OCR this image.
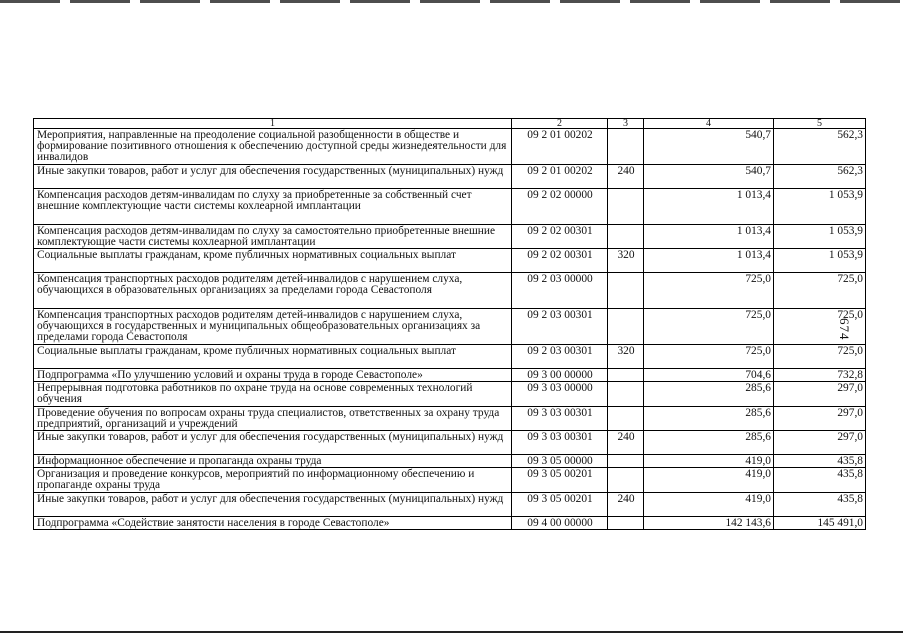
1	2	3	4	5
Мероприятия, направленные на преодоление социальной разобщенности в обществе и формирование позитивного отношения к обеспечению доступной среды жизнедеятельности для инвалидов	09 2 01 00202		540,7	562,3
Иные закупки товаров, работ и услуг для обеспечения государственных (муниципальных) нужд	09 2 01 00202	240	540,7	562,3
Компенсация расходов детям-инвалидам по слуху за приобретенные за собственный счет внешние комплектующие части системы кохлеарной имплантации	09 2 02 00000		1 013,4	1 053,9
Компенсация расходов детям-инвалидам по слуху за самостоятельно приобретенные внешние комплектующие части системы кохлеарной имплантации	09 2 02 00301		1 013,4	1 053,9
Социальные выплаты гражданам, кроме публичных нормативных социальных выплат	09 2 02 00301	320	1 013,4	1 053,9
Компенсация транспортных расходов родителям детей-инвалидов с нарушением слуха, обучающихся в образовательных организациях за пределами города Севастополя	09 2 03 00000		725,0	725,0
Компенсация транспортных расходов родителям детей-инвалидов с нарушением слуха, обучающихся в государственных и муниципальных общеобразовательных организациях за пределами города Севастополя	09 2 03 00301		725,0	725,0
Социальные выплаты гражданам, кроме публичных нормативных социальных выплат	09 2 03 00301	320	725,0	725,0
Подпрограмма «По улучшению условий и охраны труда в городе Севастополе»	09 3 00 00000		704,6	732,8
Непрерывная подготовка работников по охране труда на основе современных технологий обучения	09 3 03 00000		285,6	297,0
Проведение обучения по вопросам охраны труда специалистов, ответственных за охрану труда предприятий, организаций и учреждений	09 3 03 00301		285,6	297,0
Иные закупки товаров, работ и услуг для обеспечения государственных (муниципальных) нужд	09 3 03 00301	240	285,6	297,0
Информационное обеспечение и пропаганда охраны труда	09 3 05 00000		419,0	435,8
Организация и проведение конкурсов, мероприятий по информационному обеспечению и пропаганде охраны труда	09 3 05 00201		419,0	435,8
Иные закупки товаров, работ и услуг для обеспечения государственных (муниципальных) нужд	09 3 05 00201	240	419,0	435,8
Подпрограмма «Содействие занятости населения в городе Севастополе»	09 4 00 00000		142 143,6	145 491,0
674
